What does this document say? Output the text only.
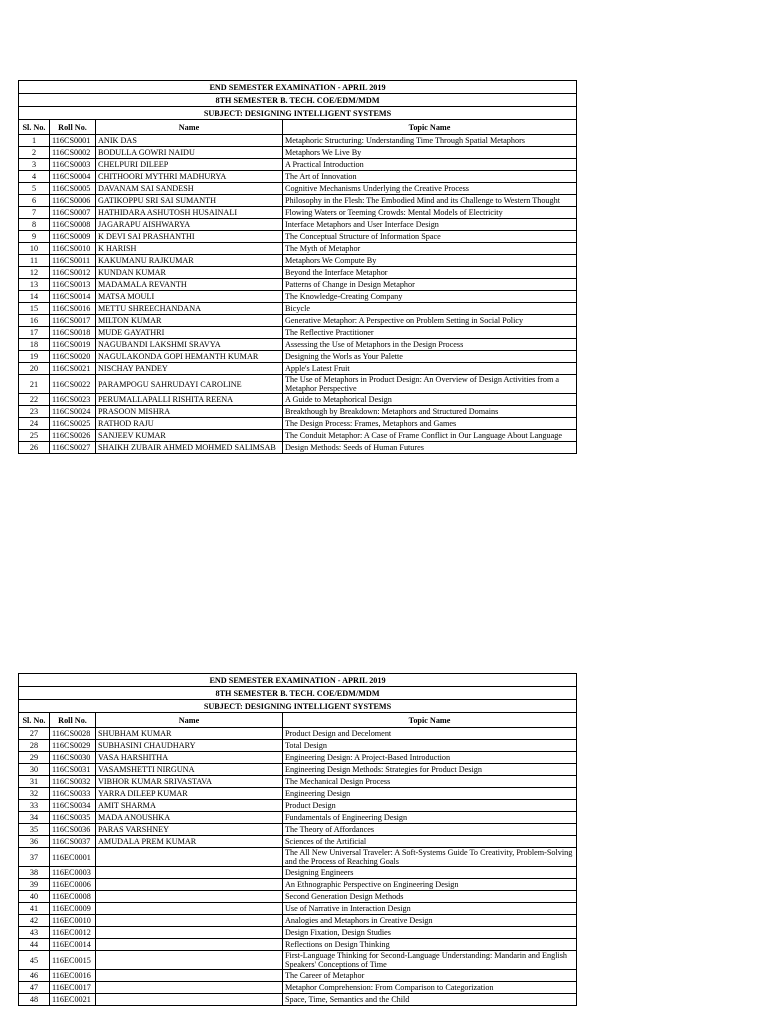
END SEMESTER EXAMINATION - APRIL 2019			
8TH SEMESTER B. TECH. COE/EDM/MDM			
SUBJECT: DESIGNING INTELLIGENT SYSTEMS			
Sl. No.	Roll No.	Name	Topic Name
1	116CS0001	ANIK DAS	Metaphoric Structuring: Understanding Time Through Spatial Metaphors
2	116CS0002	BODULLA GOWRI NAIDU	Metaphors We Live By
3	116CS0003	CHELPURI DILEEP	A Practical Introduction
4	116CS0004	CHITHOORI MYTHRI MADHURYA	The Art of Innovation
5	116CS0005	DAVANAM SAI SANDESH	Cognitive Mechanisms Underlying the Creative Process
6	116CS0006	GATIKOPPU SRI SAI SUMANTH	Philosophy in the Flesh: The Embodied Mind and its Challenge to Western Thought
7	116CS0007	HATHIDARA ASHUTOSH HUSAINALI	Flowing Waters or Teeming Crowds: Mental Models of Electricity
8	116CS0008	JAGARAPU AISHWARYA	Interface Metaphors and User Interface Design
9	116CS0009	K DEVI SAI PRASHANTHI	The Conceptual Structure of Information Space
10	116CS0010	K HARISH	The Myth of Metaphor
11	116CS0011	KAKUMANU RAJKUMAR	Metaphors We Compute By
12	116CS0012	KUNDAN KUMAR	Beyond the Interface Metaphor
13	116CS0013	MADAMALA REVANTH	Patterns of Change in Design Metaphor
14	116CS0014	MATSA MOULI	The Knowledge-Creating Company
15	116CS0016	METTU SHREECHANDANA	Bicycle
16	116CS0017	MILTON KUMAR	Generative Metaphor: A Perspective on Problem Setting in Social Policy
17	116CS0018	MUDE GAYATHRI	The Reflective Practitioner
18	116CS0019	NAGUBANDI LAKSHMI SRAVYA	Assessing the Use of Metaphors in the Design Process
19	116CS0020	NAGULAKONDA GOPI HEMANTH KUMAR	Designing the Worls as Your Palette
20	116CS0021	NISCHAY PANDEY	Apple's Latest Fruit
21	116CS0022	PARAMPOGU SAHRUDAYI CAROLINE	The Use of Metaphors in Product Design: An Overview of Design Activities from a Metaphor Perspective
22	116CS0023	PERUMALLAPALLI RISHITA REENA	A Guide to Metaphorical Design
23	116CS0024	PRASOON MISHRA	Breakthough by Breakdown: Metaphors and Structured Domains
24	116CS0025	RATHOD RAJU	The Design Process: Frames, Metaphors and Games
25	116CS0026	SANJEEV KUMAR	The Conduit Metaphor: A Case of Frame Conflict in Our Language About Language
26	116CS0027	SHAIKH ZUBAIR AHMED MOHMED SALIMSAB	Design Methods: Seeds of Human Futures
END SEMESTER EXAMINATION - APRIL 2019			
8TH SEMESTER B. TECH. COE/EDM/MDM			
SUBJECT: DESIGNING INTELLIGENT SYSTEMS			
Sl. No.	Roll No.	Name	Topic Name
27	116CS0028	SHUBHAM KUMAR	Product Design and Deceloment
28	116CS0029	SUBHASINI CHAUDHARY	Total Design
29	116CS0030	VASA HARSHITHA	Engineering Design: A Project-Based Introduction
30	116CS0031	VASAMSHETTI NIRGUNA	Engineering Design Methods: Strategies for Product Design
31	116CS0032	VIBHOR KUMAR SRIVASTAVA	The Mechanical Design Process
32	116CS0033	YARRA DILEEP KUMAR	Engineering Design
33	116CS0034	AMIT SHARMA	Product Design
34	116CS0035	MADA ANOUSHKA	Fundamentals of Engineering Design
35	116CS0036	PARAS VARSHNEY	The Theory of Affordances
36	116CS0037	AMUDALA PREM KUMAR	Sciences of the Artificial
37	116EC0001		The All New Universal Traveler: A Soft-Systems Guide To Creativity, Problem-Solving and the Process of Reaching Goals
38	116EC0003		Designing Engineers
39	116EC0006		An Ethnographic Perspective on Engineering Design
40	116EC0008		Second Generation Design Methods
41	116EC0009		Use of Narrative in Interaction Design
42	116EC0010		Analogies and Metaphors in Creative Design
43	116EC0012		Design Fixation, Design Studies
44	116EC0014		Reflections on Design Thinking
45	116EC0015		First-Language Thinking for Second-Language Understanding: Mandarin and English Speakers' Conceptions of Time
46	116EC0016		The Career of Metaphor
47	116EC0017		Metaphor Comprehension: From Comparison to Categorization
48	116EC0021		Space, Time, Semantics and the Child
